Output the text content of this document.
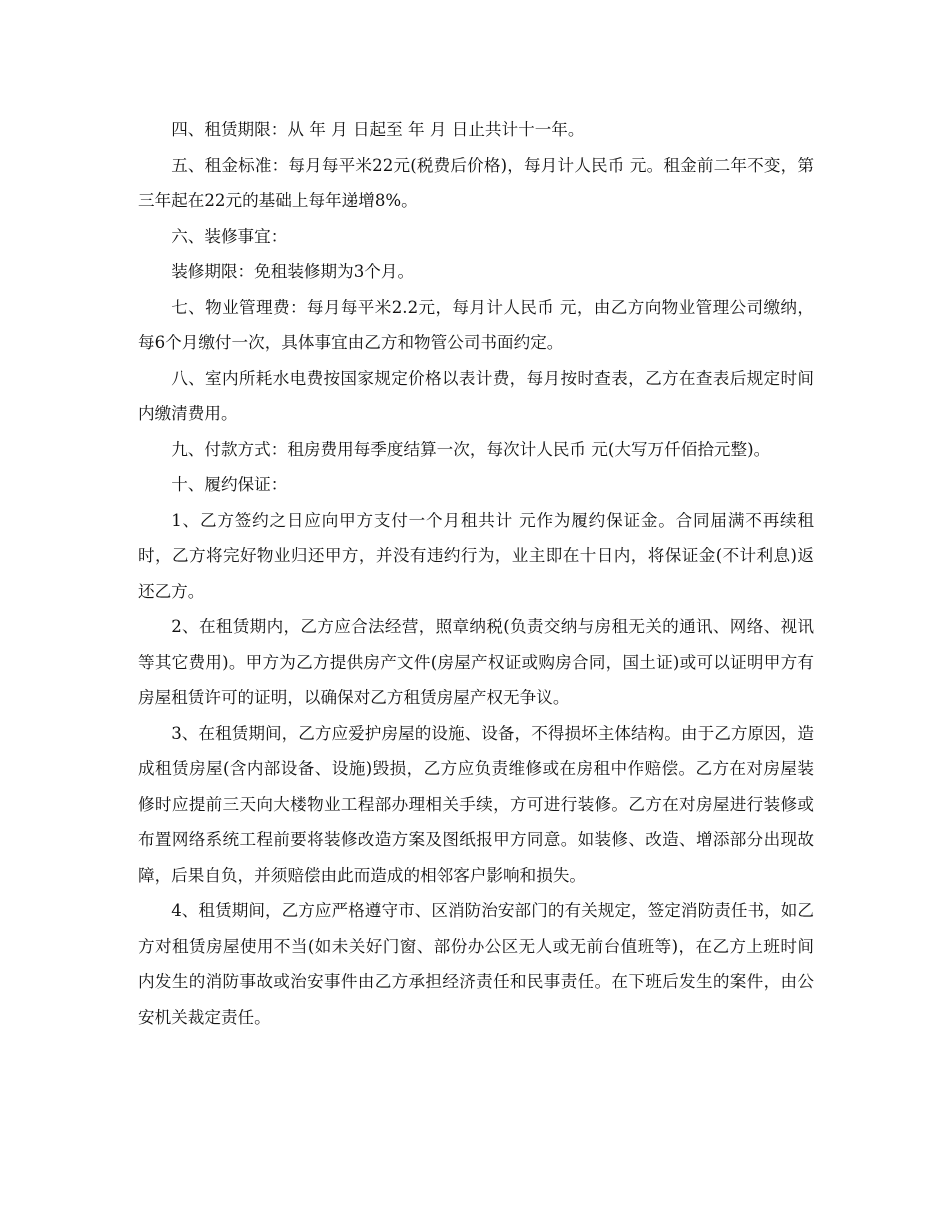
四、租赁期限：从 年 月 日起至 年 月 日止共计十一年。

五、租金标准：每月每平米22元(税费后价格)，每月计人民币 元。租金前二年不变，第三年起在22元的基础上每年递增8%。

六、装修事宜：

装修期限：免租装修期为3个月。

七、物业管理费：每月每平米2.2元，每月计人民币 元，由乙方向物业管理公司缴纳，每6个月缴付一次，具体事宜由乙方和物管公司书面约定。

八、室内所耗水电费按国家规定价格以表计费，每月按时查表，乙方在查表后规定时间内缴清费用。

九、付款方式：租房费用每季度结算一次，每次计人民币 元(大写万仟佰拾元整)。

十、履约保证：

1、乙方签约之日应向甲方支付一个月租共计 元作为履约保证金。合同届满不再续租时，乙方将完好物业归还甲方，并没有违约行为，业主即在十日内，将保证金(不计利息)返还乙方。

2、在租赁期内，乙方应合法经营，照章纳税(负责交纳与房租无关的通讯、网络、视讯等其它费用)。甲方为乙方提供房产文件(房屋产权证或购房合同，国土证)或可以证明甲方有房屋租赁许可的证明，以确保对乙方租赁房屋产权无争议。

3、在租赁期间，乙方应爱护房屋的设施、设备，不得损坏主体结构。由于乙方原因，造成租赁房屋(含内部设备、设施)毁损，乙方应负责维修或在房租中作赔偿。乙方在对房屋装修时应提前三天向大楼物业工程部办理相关手续，方可进行装修。乙方在对房屋进行装修或布置网络系统工程前要将装修改造方案及图纸报甲方同意。如装修、改造、增添部分出现故障，后果自负，并须赔偿由此而造成的相邻客户影响和损失。

4、租赁期间，乙方应严格遵守市、区消防治安部门的有关规定，签定消防责任书，如乙方对租赁房屋使用不当(如未关好门窗、部份办公区无人或无前台值班等)，在乙方上班时间内发生的消防事故或治安事件由乙方承担经济责任和民事责任。在下班后发生的案件，由公安机关裁定责任。
